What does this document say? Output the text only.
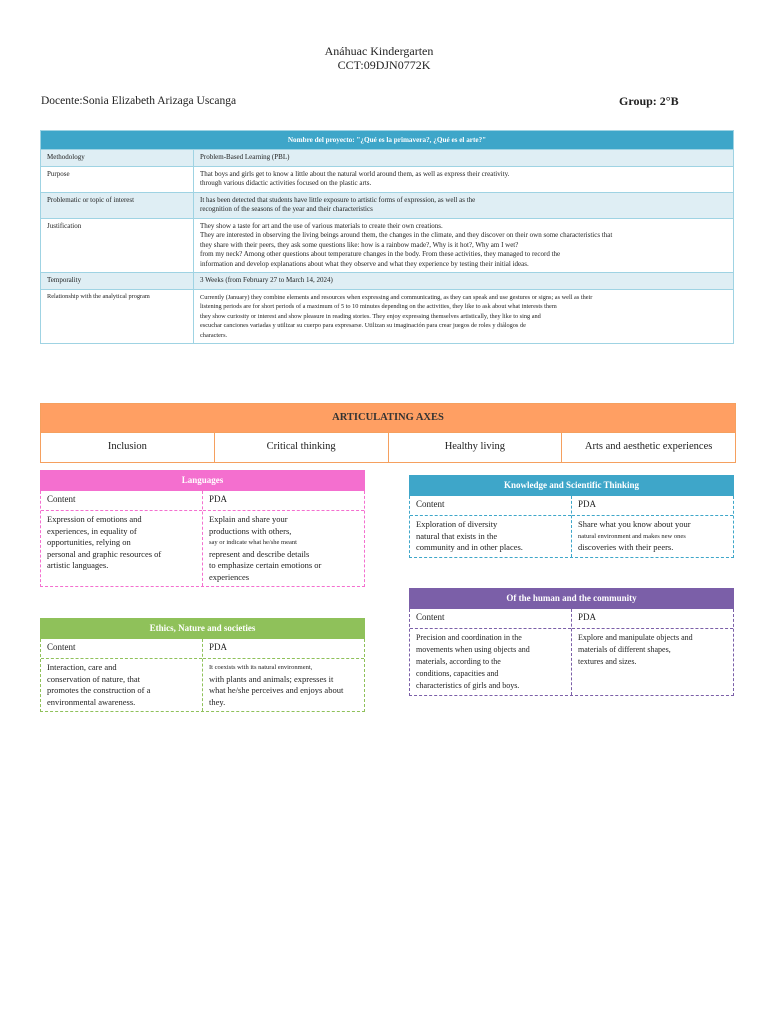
Anáhuac Kindergarten
CCT:09DJN0772K
Docente:Sonia Elizabeth Arizaga Uscanga	Group: 2°B
Nombre del proyecto: "¿Qué es la primavera?, ¿Qué es el arte?"	
Methodology	Problem-Based Learning (PBL)

Purpose	That boys and girls get to know a little about the natural world around them, as well as express their creativity.

through various didactic activities focused on the plastic arts.

Problematic or topic of interest	It has been detected that students have little exposure to artistic forms of expression, as well as the

recognition of the seasons of the year and their characteristics

Justification	They show a taste for art and the use of various materials to create their own creations.

They are interested in observing the living beings around them, the changes in the climate, and they discover on their own some characteristics that

they share with their peers, they ask some questions like: how is a rainbow made?, Why is it hot?, Why am I wet?

from my neck? Among other questions about temperature changes in the body. From these activities, they managed to record the

information and develop explanations about what they observe and what they experience by testing their initial ideas.

Temporality	3 Weeks (from February 27 to March 14, 2024)

Relationship with the analytical program	Currently (January) they combine elements and resources when expressing and communicating, as they can speak and use gestures or signs; as well as their

listening periods are for short periods of a maximum of 5 to 10 minutes depending on the activities, they like to ask about what interests them

they show curiosity or interest and show pleasure in reading stories. They enjoy expressing themselves artistically, they like to sing and

escuchar canciones variadas y utilizar su cuerpo para expresarse. Utilizan su imaginación para crear juegos de roles y diálogos de

characters.

ARTICULATING AXES
Inclusion	Critical thinking	Healthy living	Arts and aesthetic experiences
Languages
Content
Expression of emotions and
experiences, in equality of
opportunities, relying on
personal and graphic resources of
artistic languages.
PDA
Explain and share your
productions with others,
say or indicate what he/she meant
represent and describe details
to emphasize certain emotions or
experiences
Ethics, Nature and societies
Content
Interaction, care and
conservation of nature, that
promotes the construction of a
environmental awareness.
PDA
It coexists with its natural environment,
with plants and animals; expresses it
what he/she perceives and enjoys about
they.
Knowledge and Scientific Thinking
Content
Exploration of diversity
natural that exists in the
community and in other places.
PDA
Share what you know about your
natural environment and makes new ones
discoveries with their peers.
Of the human and the community
Content
Precision and coordination in the
movements when using objects and
materials, according to the
conditions, capacities and
characteristics of girls and boys.
PDA
Explore and manipulate objects and
materials of different shapes,
textures and sizes.
